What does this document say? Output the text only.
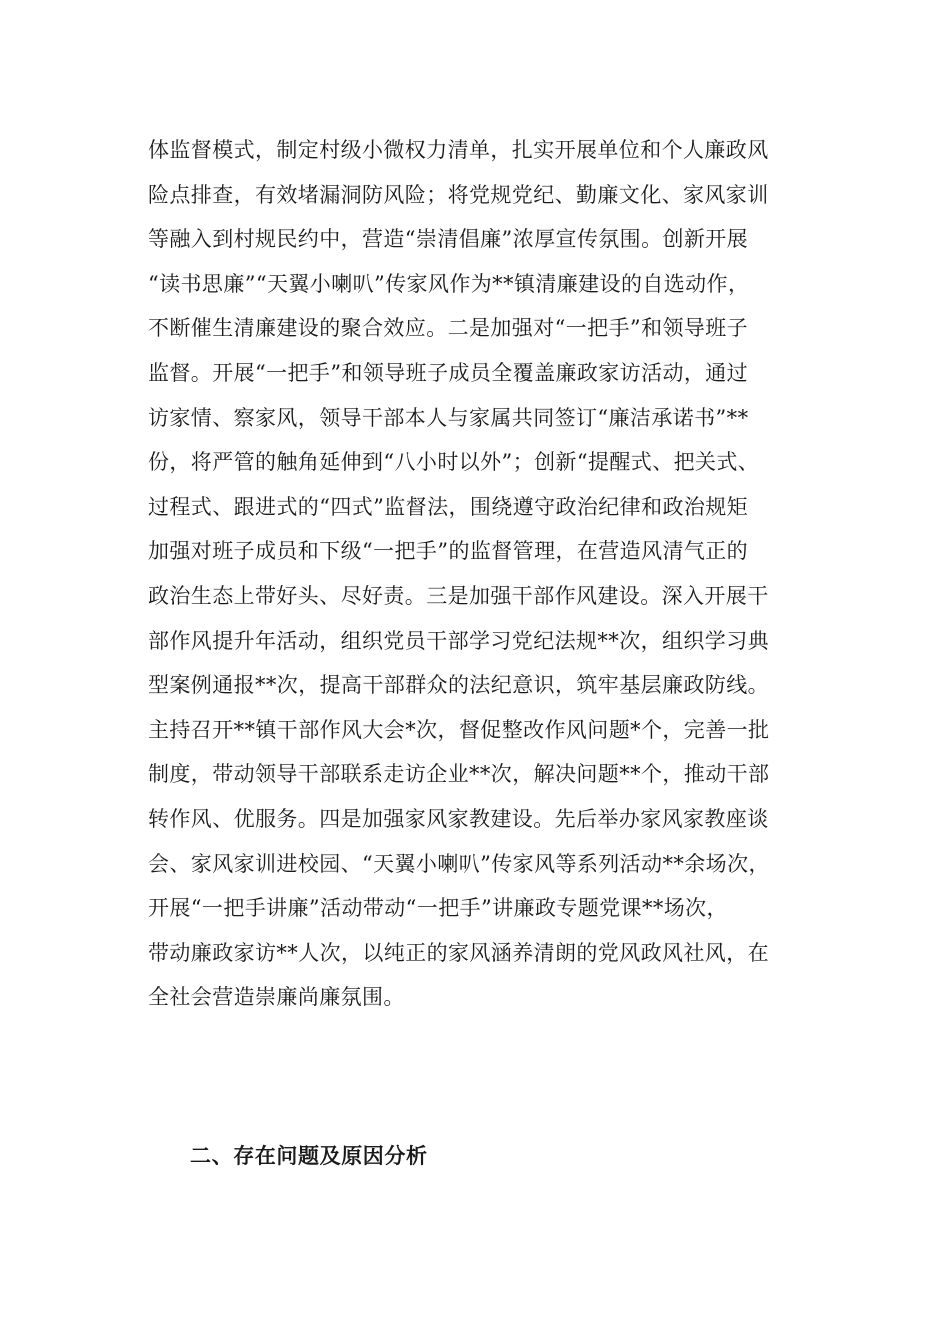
体监督模式，制定村级小微权力清单，扎实开展单位和个人廉政风
险点排查，有效堵漏洞防风险；将党规党纪、勤廉文化、家风家训
等融入到村规民约中，营造“崇清倡廉”浓厚宣传氛围。创新开展
“读书思廉”“天翼小喇叭”传家风作为**镇清廉建设的自选动作，
不断催生清廉建设的聚合效应。二是加强对“一把手”和领导班子
监督。开展“一把手”和领导班子成员全覆盖廉政家访活动，通过
访家情、察家风，领导干部本人与家属共同签订“廉洁承诺书”**
份，将严管的触角延伸到“八小时以外”；创新“提醒式、把关式、
过程式、跟进式的“四式”监督法，围绕遵守政治纪律和政治规矩
加强对班子成员和下级“一把手”的监督管理，在营造风清气正的
政治生态上带好头、尽好责。三是加强干部作风建设。深入开展干
部作风提升年活动，组织党员干部学习党纪法规**次，组织学习典
型案例通报**次，提高干部群众的法纪意识，筑牢基层廉政防线。
主持召开**镇干部作风大会*次，督促整改作风问题*个，完善一批
制度，带动领导干部联系走访企业**次，解决问题**个，推动干部
转作风、优服务。四是加强家风家教建设。先后举办家风家教座谈
会、家风家训进校园、“天翼小喇叭”传家风等系列活动**余场次，
开展“一把手讲廉”活动带动“一把手”讲廉政专题党课**场次，
带动廉政家访**人次，以纯正的家风涵养清朗的党风政风社风，在
全社会营造崇廉尚廉氛围。
二、存在问题及原因分析
